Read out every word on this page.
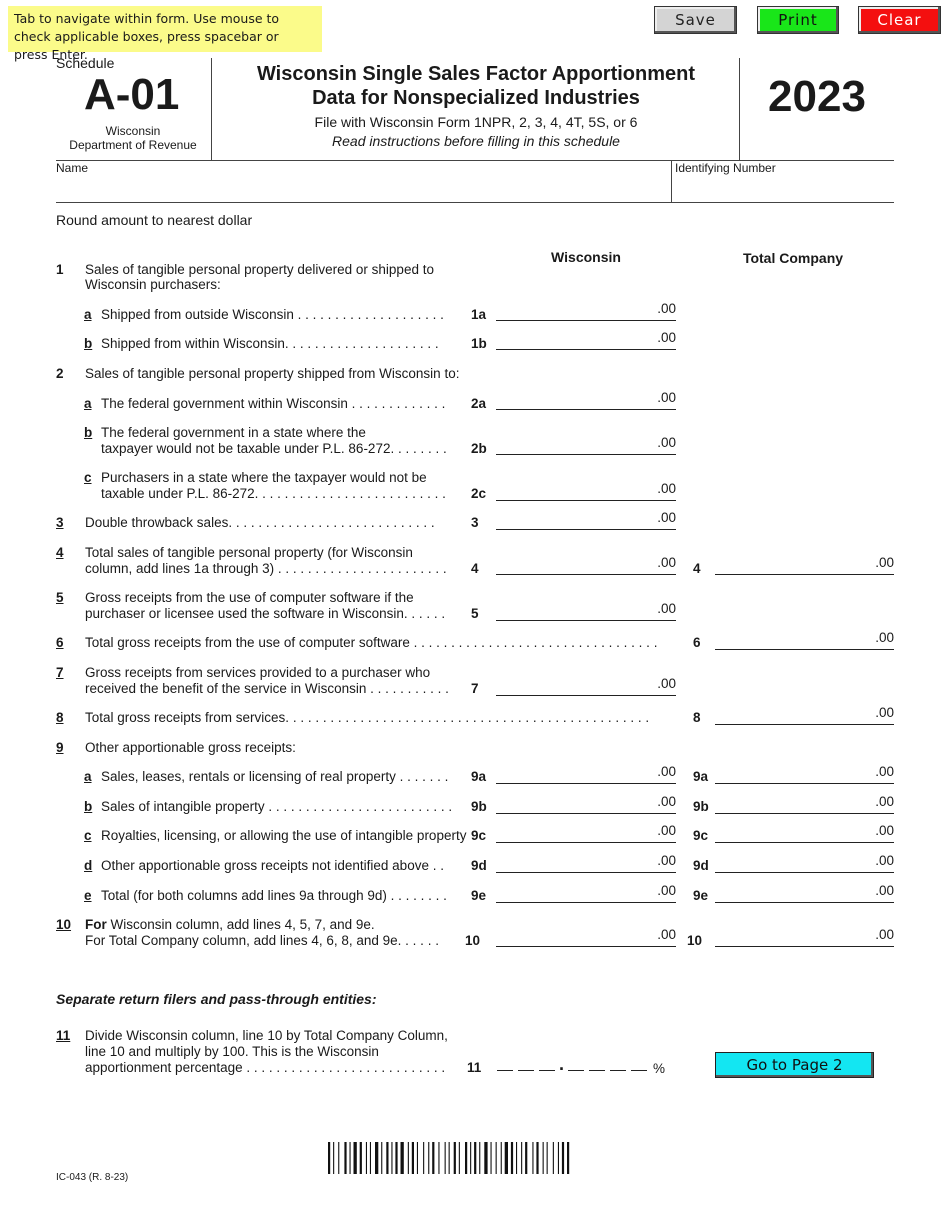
Tab to navigate within form. Use mouse to check applicable boxes, press spacebar or press Enter.
Save	Print	Clear
Schedule
A-01
Wisconsin
Department of Revenue
Wisconsin Single Sales Factor Apportionment
Data for Nonspecialized Industries
File with Wisconsin Form 1NPR, 2, 3, 4, 4T, 5S, or 6
Read instructions before filling in this schedule
2023
Name	Identifying Number
Round amount to nearest dollar
Wisconsin	Total Company
1	Sales of tangible personal property delivered or shipped to
Wisconsin purchasers:
a Shipped from outside Wisconsin . . . . . . . . . . . . . . . . . . . . 1a	.00
b Shipped from within Wisconsin. . . . . . . . . . . . . . . . . . . . . 1b	.00
2	Sales of tangible personal property shipped from Wisconsin to:
a The federal government within Wisconsin . . . . . . . . . . . . . 2a	.00
b The federal government in a state where the
taxpayer would not be taxable under P.L. 86-272. . . . . . . . 2b	.00
c Purchasers in a state where the taxpayer would not be
taxable under P.L. 86-272. . . . . . . . . . . . . . . . . . . . . . . . . . 2c	.00
3	Double throwback sales. . . . . . . . . . . . . . . . . . . . . . . . . . . .	3	.00
4	Total sales of tangible personal property (for Wisconsin
column, add lines 1a through 3) . . . . . . . . . . . . . . . . . . . . . . . 4	.00 4	.00
5	Gross receipts from the use of computer software if the
purchaser or licensee used the software in Wisconsin. . . . . . 5	.00
6	Total gross receipts from the use of computer software . . . . . . . . . . . . . . . . . . . . . . . . . . . . . . . . .	6	.00
7	Gross receipts from services provided to a purchaser who
received the benefit of the service in Wisconsin . . . . . . . . . . . 7	.00
8	Total gross receipts from services. . . . . . . . . . . . . . . . . . . . . . . . . . . . . . . . . . . . . . . . . . . . . . . . .	8	.00
9	Other apportionable gross receipts:
a Sales, leases, rentals or licensing of real property . . . . . . . 9a	.00 9a	.00
b Sales of intangible property . . . . . . . . . . . . . . . . . . . . . . . . . 9b	.00 9b	.00
c Royalties, licensing, or allowing the use of intangible property 9c	.00 9c	.00
d Other apportionable gross receipts not identified above . . 9d	.00 9d	.00
e Total (for both columns add lines 9a through 9d) . . . . . . . . 9e	.00 9e	.00
10	For Wisconsin column, add lines 4, 5, 7, and 9e.
For Total Company column, add lines 4, 6, 8, and 9e. . . . . . 10	.00 10	.00
Separate return filers and pass-through entities:
11	Divide Wisconsin column, line 10 by Total Company Column,
line 10 and multiply by 100. This is the Wisconsin
apportionment percentage . . . . . . . . . . . . . . . . . . . . . . . . . . . 11	.	%	Go to Page 2
IC-043 (R. 8-23)
